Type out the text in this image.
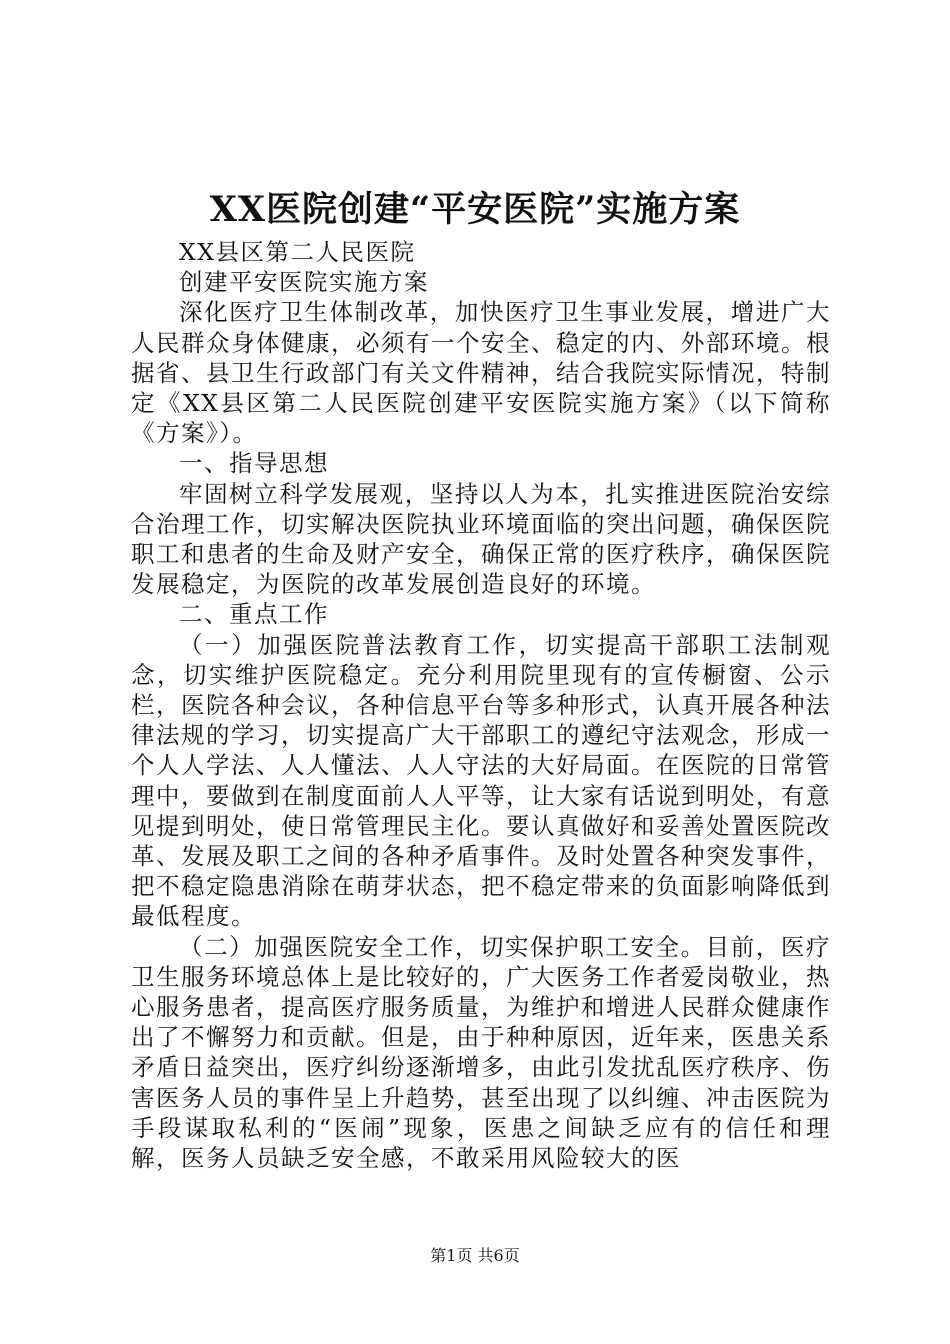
XX医院创建“平安医院”实施方案

XX县区第二人民医院

创建平安医院实施方案

深化医疗卫生体制改革，加快医疗卫生事业发展，增进广大人民群众身体健康，必须有一个安全、稳定的内、外部环境。根据省、县卫生行政部门有关文件精神，结合我院实际情况，特制定《XX县区第二人民医院创建平安医院实施方案》（以下简称《方案》）。

一、指导思想

牢固树立科学发展观，坚持以人为本，扎实推进医院治安综合治理工作，切实解决医院执业环境面临的突出问题，确保医院职工和患者的生命及财产安全，确保正常的医疗秩序，确保医院发展稳定，为医院的改革发展创造良好的环境。

二、重点工作

（一）加强医院普法教育工作，切实提高干部职工法制观念，切实维护医院稳定。充分利用院里现有的宣传橱窗、公示栏，医院各种会议，各种信息平台等多种形式，认真开展各种法律法规的学习，切实提高广大干部职工的遵纪守法观念，形成一个人人学法、人人懂法、人人守法的大好局面。在医院的日常管理中，要做到在制度面前人人平等，让大家有话说到明处，有意见提到明处，使日常管理民主化。要认真做好和妥善处置医院改革、发展及职工之间的各种矛盾事件。及时处置各种突发事件，把不稳定隐患消除在萌芽状态，把不稳定带来的负面影响降低到最低程度。

（二）加强医院安全工作，切实保护职工安全。目前，医疗卫生服务环境总体上是比较好的，广大医务工作者爱岗敬业，热心服务患者，提高医疗服务质量，为维护和增进人民群众健康作出了不懈努力和贡献。但是，由于种种原因，近年来，医患关系矛盾日益突出，医疗纠纷逐渐增多，由此引发扰乱医疗秩序、伤害医务人员的事件呈上升趋势，甚至出现了以纠缠、冲击医院为手段谋取私利的“医闹”现象，医患之间缺乏应有的信任和理解，医务人员缺乏安全感，不敢采用风险较大的医

第1页 共6页
